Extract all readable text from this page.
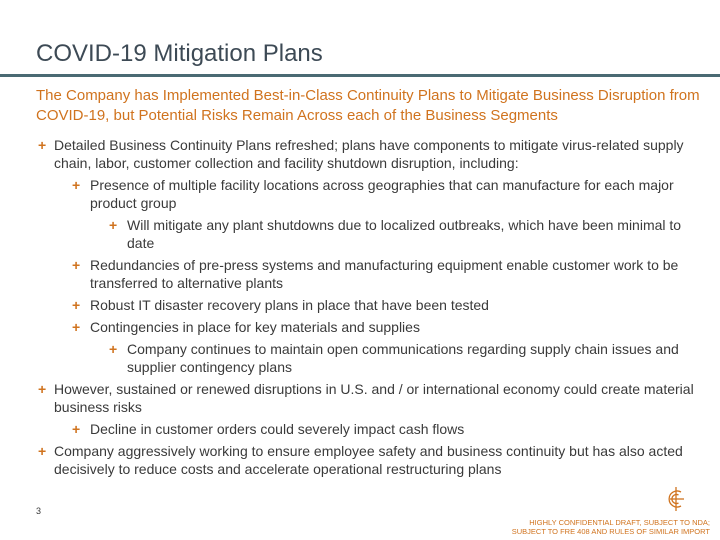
COVID-19 Mitigation Plans

The Company has Implemented Best-in-Class Continuity Plans to Mitigate Business Disruption from COVID-19, but Potential Risks Remain Across each of the Business Segments

+ Detailed Business Continuity Plans refreshed; plans have components to mitigate virus-related supply chain, labor, customer collection and facility shutdown disruption, including:
+ Presence of multiple facility locations across geographies that can manufacture for each major product group
+ Will mitigate any plant shutdowns due to localized outbreaks, which have been minimal to date
+ Redundancies of pre-press systems and manufacturing equipment enable customer work to be transferred to alternative plants
+ Robust IT disaster recovery plans in place that have been tested
+ Contingencies in place for key materials and supplies
+ Company continues to maintain open communications regarding supply chain issues and supplier contingency plans
+ However, sustained or renewed disruptions in U.S. and / or international economy could create material business risks
+ Decline in customer orders could severely impact cash flows
+ Company aggressively working to ensure employee safety and business continuity but has also acted decisively to reduce costs and accelerate operational restructuring plans
3
HIGHLY CONFIDENTIAL DRAFT, SUBJECT TO NDA;
SUBJECT TO FRE 408 AND RULES OF SIMILAR IMPORT
